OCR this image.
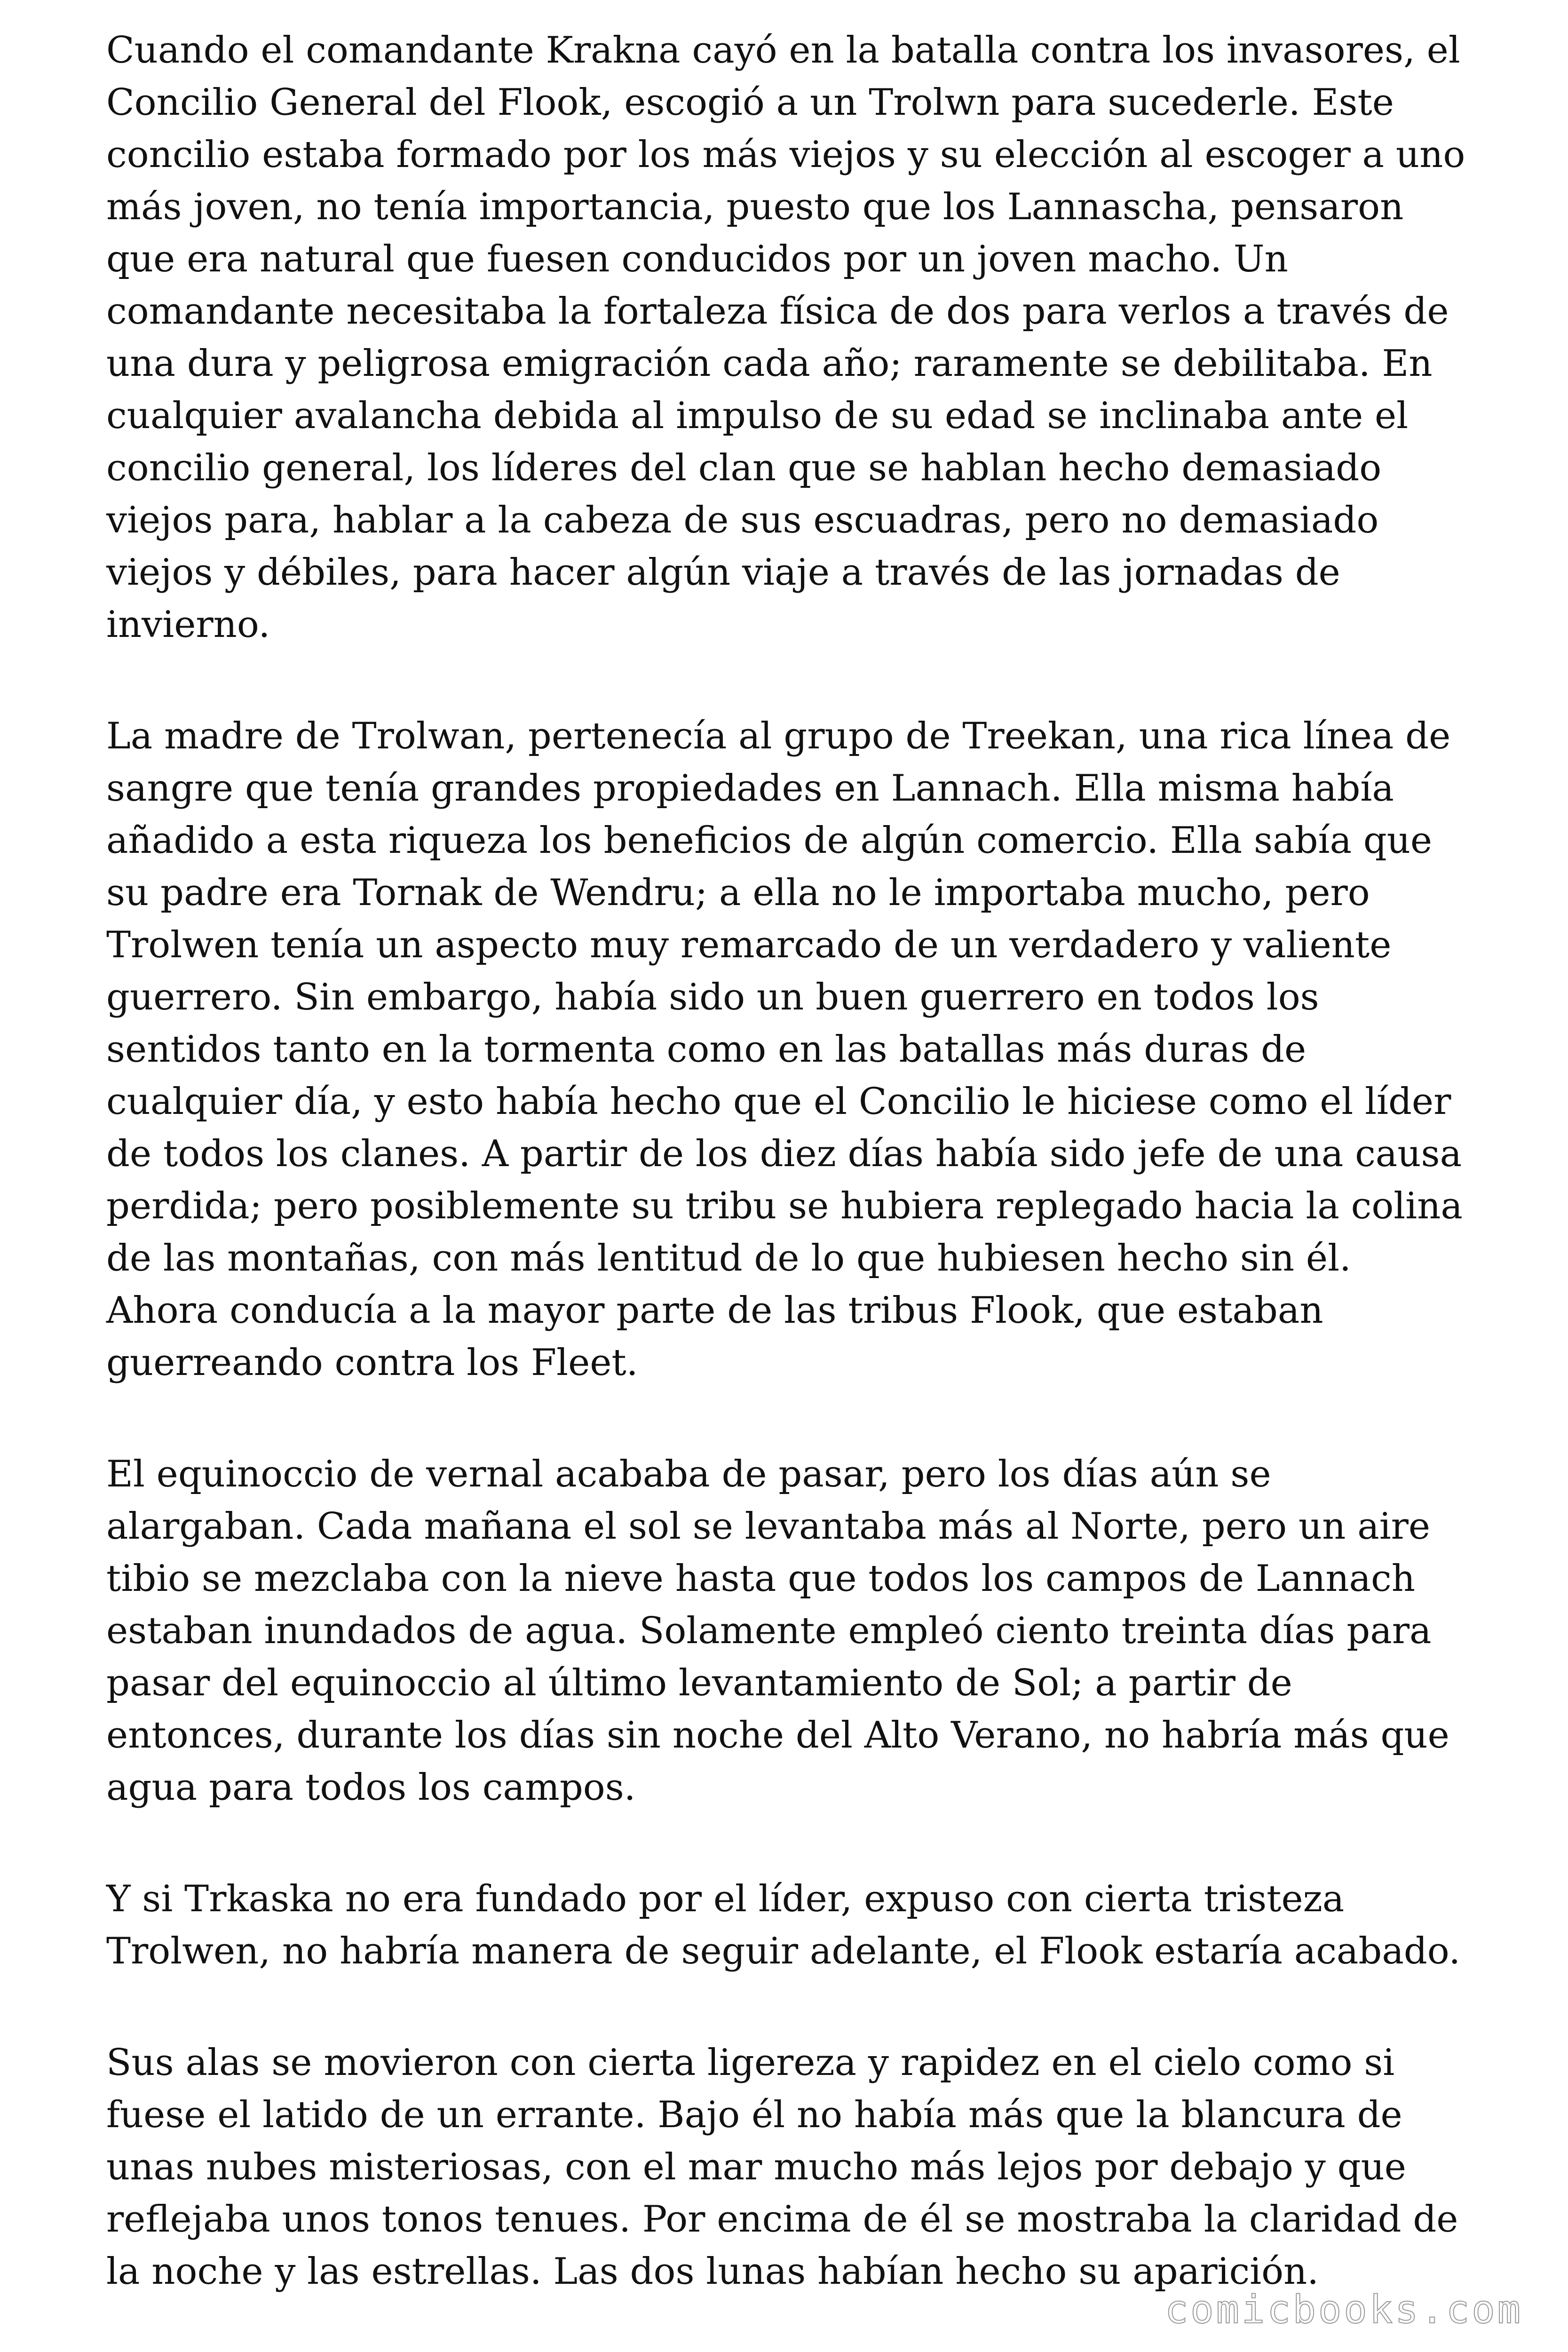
Cuando el comandante Krakna cayó en la batalla contra los invasores, el Concilio General del Flook, escogió a un Trolwn para sucederle. Este concilio estaba formado por los más viejos y su elección al escoger a uno más joven, no tenía importancia, puesto que los Lannascha, pensaron que era natural que fuesen conducidos por un joven macho. Un comandante necesitaba la fortaleza física de dos para verlos a través de una dura y peligrosa emigración cada año; raramente se debilitaba. En cualquier avalancha debida al impulso de su edad se inclinaba ante el concilio general, los líderes del clan que se hablan hecho demasiado viejos para, hablar a la cabeza de sus escuadras, pero no demasiado viejos y débiles, para hacer algún viaje a través de las jornadas de invierno.

La madre de Trolwan, pertenecía al grupo de Treekan, una rica línea de sangre que tenía grandes propiedades en Lannach. Ella misma había añadido a esta riqueza los beneficios de algún comercio. Ella sabía que su padre era Tornak de Wendru; a ella no le importaba mucho, pero Trolwen tenía un aspecto muy remarcado de un verdadero y valiente guerrero. Sin embargo, había sido un buen guerrero en todos los sentidos tanto en la tormenta como en las batallas más duras de cualquier día, y esto había hecho que el Concilio le hiciese como el líder de todos los clanes. A partir de los diez días había sido jefe de una causa perdida; pero posiblemente su tribu se hubiera replegado hacia la colina de las montañas, con más lentitud de lo que hubiesen hecho sin él. Ahora conducía a la mayor parte de las tribus Flook, que estaban guerreando contra los Fleet.

El equinoccio de vernal acababa de pasar, pero los días aún se alargaban. Cada mañana el sol se levantaba más al Norte, pero un aire tibio se mezclaba con la nieve hasta que todos los campos de Lannach estaban inundados de agua. Solamente empleó ciento treinta días para pasar del equinoccio al último levantamiento de Sol; a partir de entonces, durante los días sin noche del Alto Verano, no habría más que agua para todos los campos.

Y si Trkaska no era fundado por el líder, expuso con cierta tristeza Trolwen, no habría manera de seguir adelante, el Flook estaría acabado.

Sus alas se movieron con cierta ligereza y rapidez en el cielo como si fuese el latido de un errante. Bajo él no había más que la blancura de unas nubes misteriosas, con el mar mucho más lejos por debajo y que reflejaba unos tonos tenues. Por encima de él se mostraba la claridad de la noche y las estrellas. Las dos lunas habían hecho su aparición.

comicbooks.com
